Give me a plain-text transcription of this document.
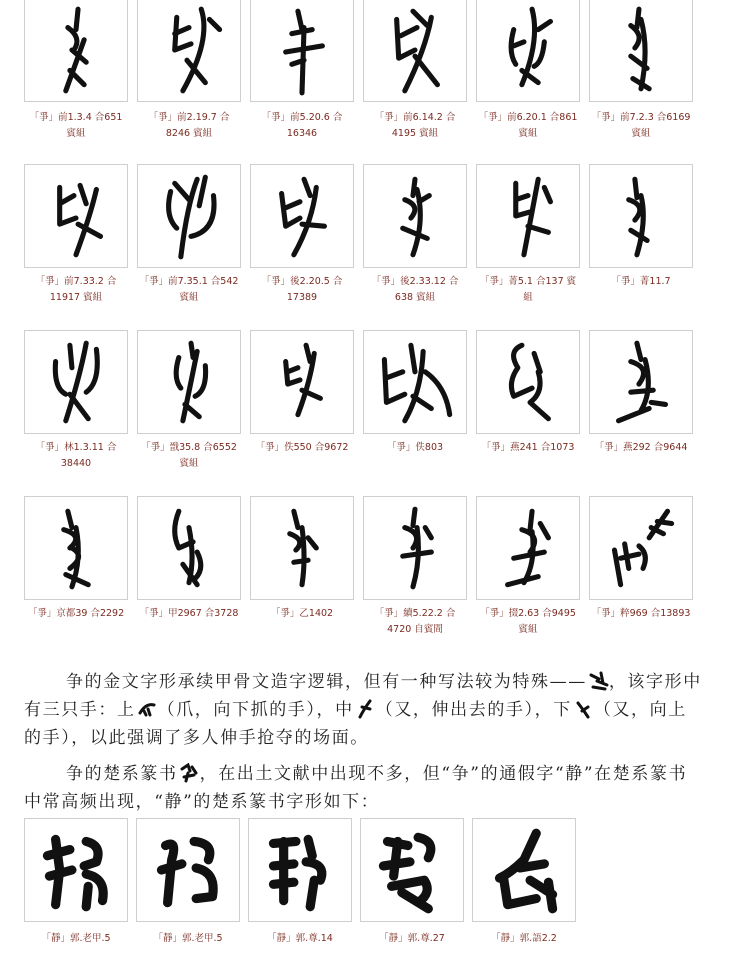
「爭」前1.3.4 合651 賓組
「爭」前2.19.7 合8246 賓組
「爭」前5.20.6 合16346
「爭」前6.14.2 合4195 賓組
「爭」前6.20.1 合861 賓組
「爭」前7.2.3 合6169 賓組
「爭」前7.33.2 合11917 賓組
「爭」前7.35.1 合542 賓組
「爭」後2.20.5 合17389
「爭」後2.33.12 合638 賓組
「爭」菁5.1 合137 賓組
「爭」菁11.7
「爭」林1.3.11 合38440
「爭」戩35.8 合6552 賓組
「爭」佚550 合9672	「爭」佚803	「爭」燕241 合1073	「爭」燕292 合9644
「爭」京都39 合2292	「爭」甲2967 合3728	「爭」乙1402	「爭」續5.22.2 合4720 自賓間
「爭」掇2.63 合9495 賓組
「爭」粹969 合13893
争的金文字形承续甲骨文造字逻辑，但有一种写法较为特殊—— ，该字形中有三只手：上 （爪，向下抓的手），中 （又，伸出去的手），下 （又，向上的手），以此强调了多人伸手抢夺的场面。
争的楚系篆书 ，在出土文献中出现不多，但“争”的通假字“静”在楚系篆书中常高频出现，“静”的楚系篆书字形如下：
「靜」郭.老甲.5	「靜」郭.老甲.5	「靜」郭.尊.14	「靜」郭.尊.27	「靜」郭.語2.2
